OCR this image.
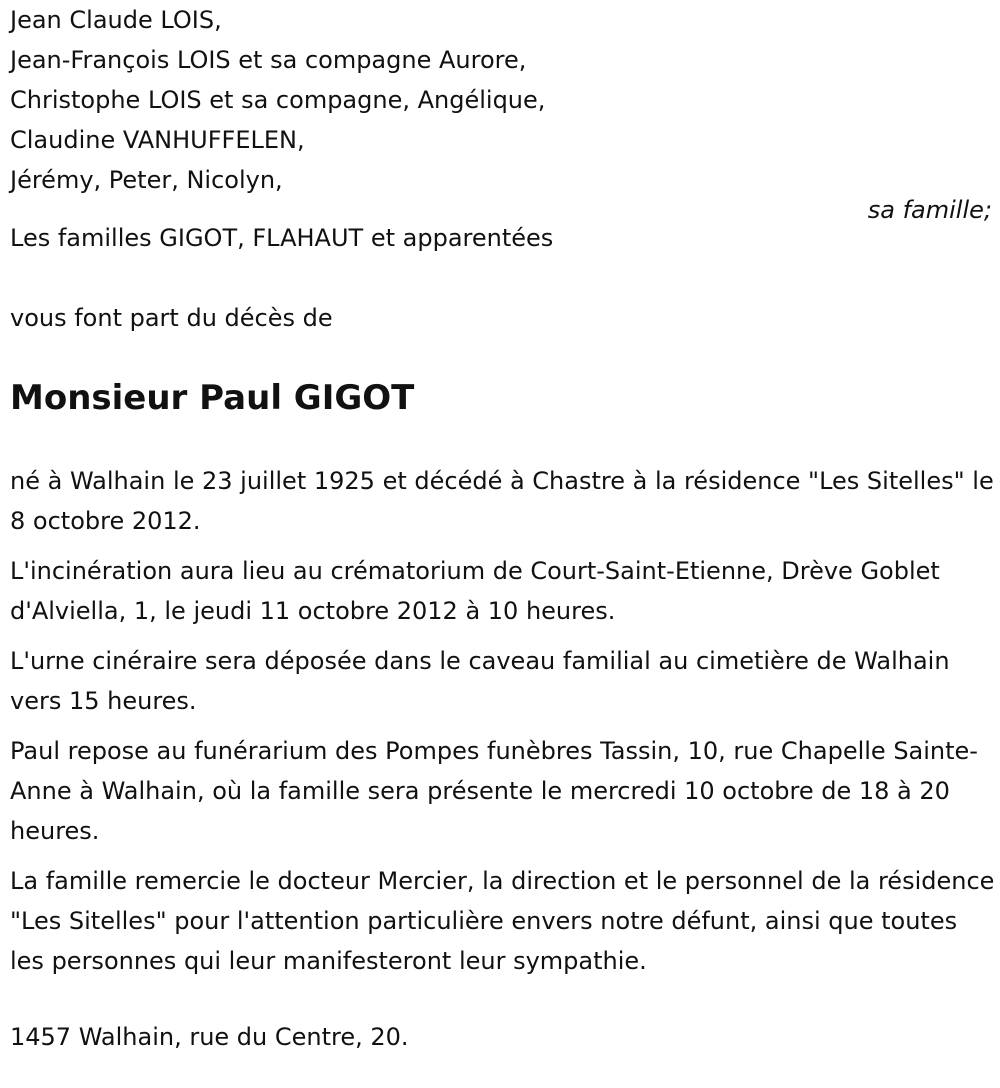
Jean Claude LOIS,
Jean-François LOIS et sa compagne Aurore,
Christophe LOIS et sa compagne, Angélique,
Claudine VANHUFFELEN,
Jérémy, Peter, Nicolyn,
sa famille;
Les familles GIGOT, FLAHAUT et apparentées
vous font part du décès de
Monsieur Paul GIGOT

né à Walhain le 23 juillet 1925 et décédé à Chastre à la résidence "Les Sitelles" le 8 octobre 2012.

L'incinération aura lieu au crématorium de Court-Saint-Etienne, Drève Goblet d'Alviella, 1, le jeudi 11 octobre 2012 à 10 heures.

L'urne cinéraire sera déposée dans le caveau familial au cimetière de Walhain vers 15 heures.

Paul repose au funérarium des Pompes funèbres Tassin, 10, rue Chapelle Sainte-Anne à Walhain, où la famille sera présente le mercredi 10 octobre de 18 à 20 heures.

La famille remercie le docteur Mercier, la direction et le personnel de la résidence "Les Sitelles" pour l'attention particulière envers notre défunt, ainsi que toutes les personnes qui leur manifesteront leur sympathie.

1457 Walhain, rue du Centre, 20.
